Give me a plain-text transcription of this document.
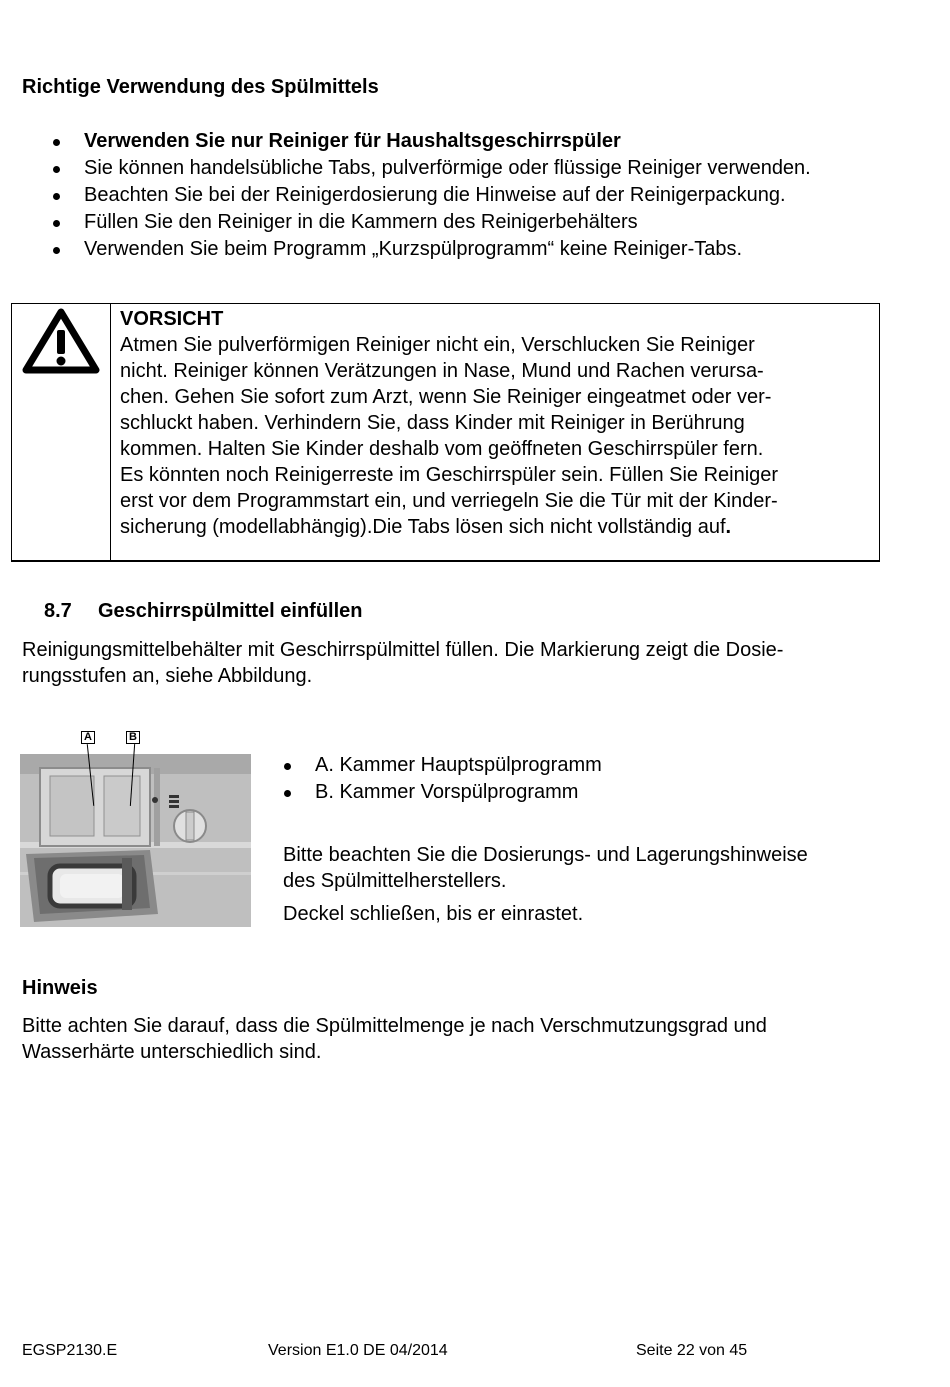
Richtige Verwendung des Spülmittels
Verwenden Sie nur Reiniger für Haushaltsgeschirrspüler
Sie können handelsübliche Tabs, pulverförmige oder flüssige Reiniger verwenden.
Beachten Sie bei der Reinigerdosierung die Hinweise auf der Reinigerpackung.
Füllen Sie den Reiniger in die Kammern des Reinigerbehälters
Verwenden Sie beim Programm „Kurzspülprogramm“ keine Reiniger-Tabs.
VORSICHT
Atmen Sie pulverförmigen Reiniger nicht ein, Verschlucken Sie Reiniger
nicht. Reiniger können Verätzungen in Nase, Mund und Rachen verursa-
chen. Gehen Sie sofort zum Arzt, wenn Sie Reiniger eingeatmet oder ver-
schluckt haben. Verhindern Sie, dass Kinder mit Reiniger in Berührung
kommen. Halten Sie Kinder deshalb vom geöffneten Geschirrspüler fern.
Es könnten noch Reinigerreste im Geschirrspüler sein. Füllen Sie Reiniger
erst vor dem Programmstart ein, und verriegeln Sie die Tür mit der Kinder-
sicherung (modellabhängig).Die Tabs lösen sich nicht vollständig auf.
8.7 Geschirrspülmittel einfüllen
Reinigungsmittelbehälter mit Geschirrspülmittel füllen. Die Markierung zeigt die Dosie-
rungsstufen an, siehe Abbildung.
A	B
A. Kammer Hauptspülprogramm
B. Kammer Vorspülprogramm
Bitte beachten Sie die Dosierungs- und Lagerungshinweise
des Spülmittelherstellers.
Deckel schließen, bis er einrastet.
Hinweis
Bitte achten Sie darauf, dass die Spülmittelmenge je nach Verschmutzungsgrad und
Wasserhärte unterschiedlich sind.
EGSP2130.E	Version E1.0 DE 04/2014	Seite 22 von 45
